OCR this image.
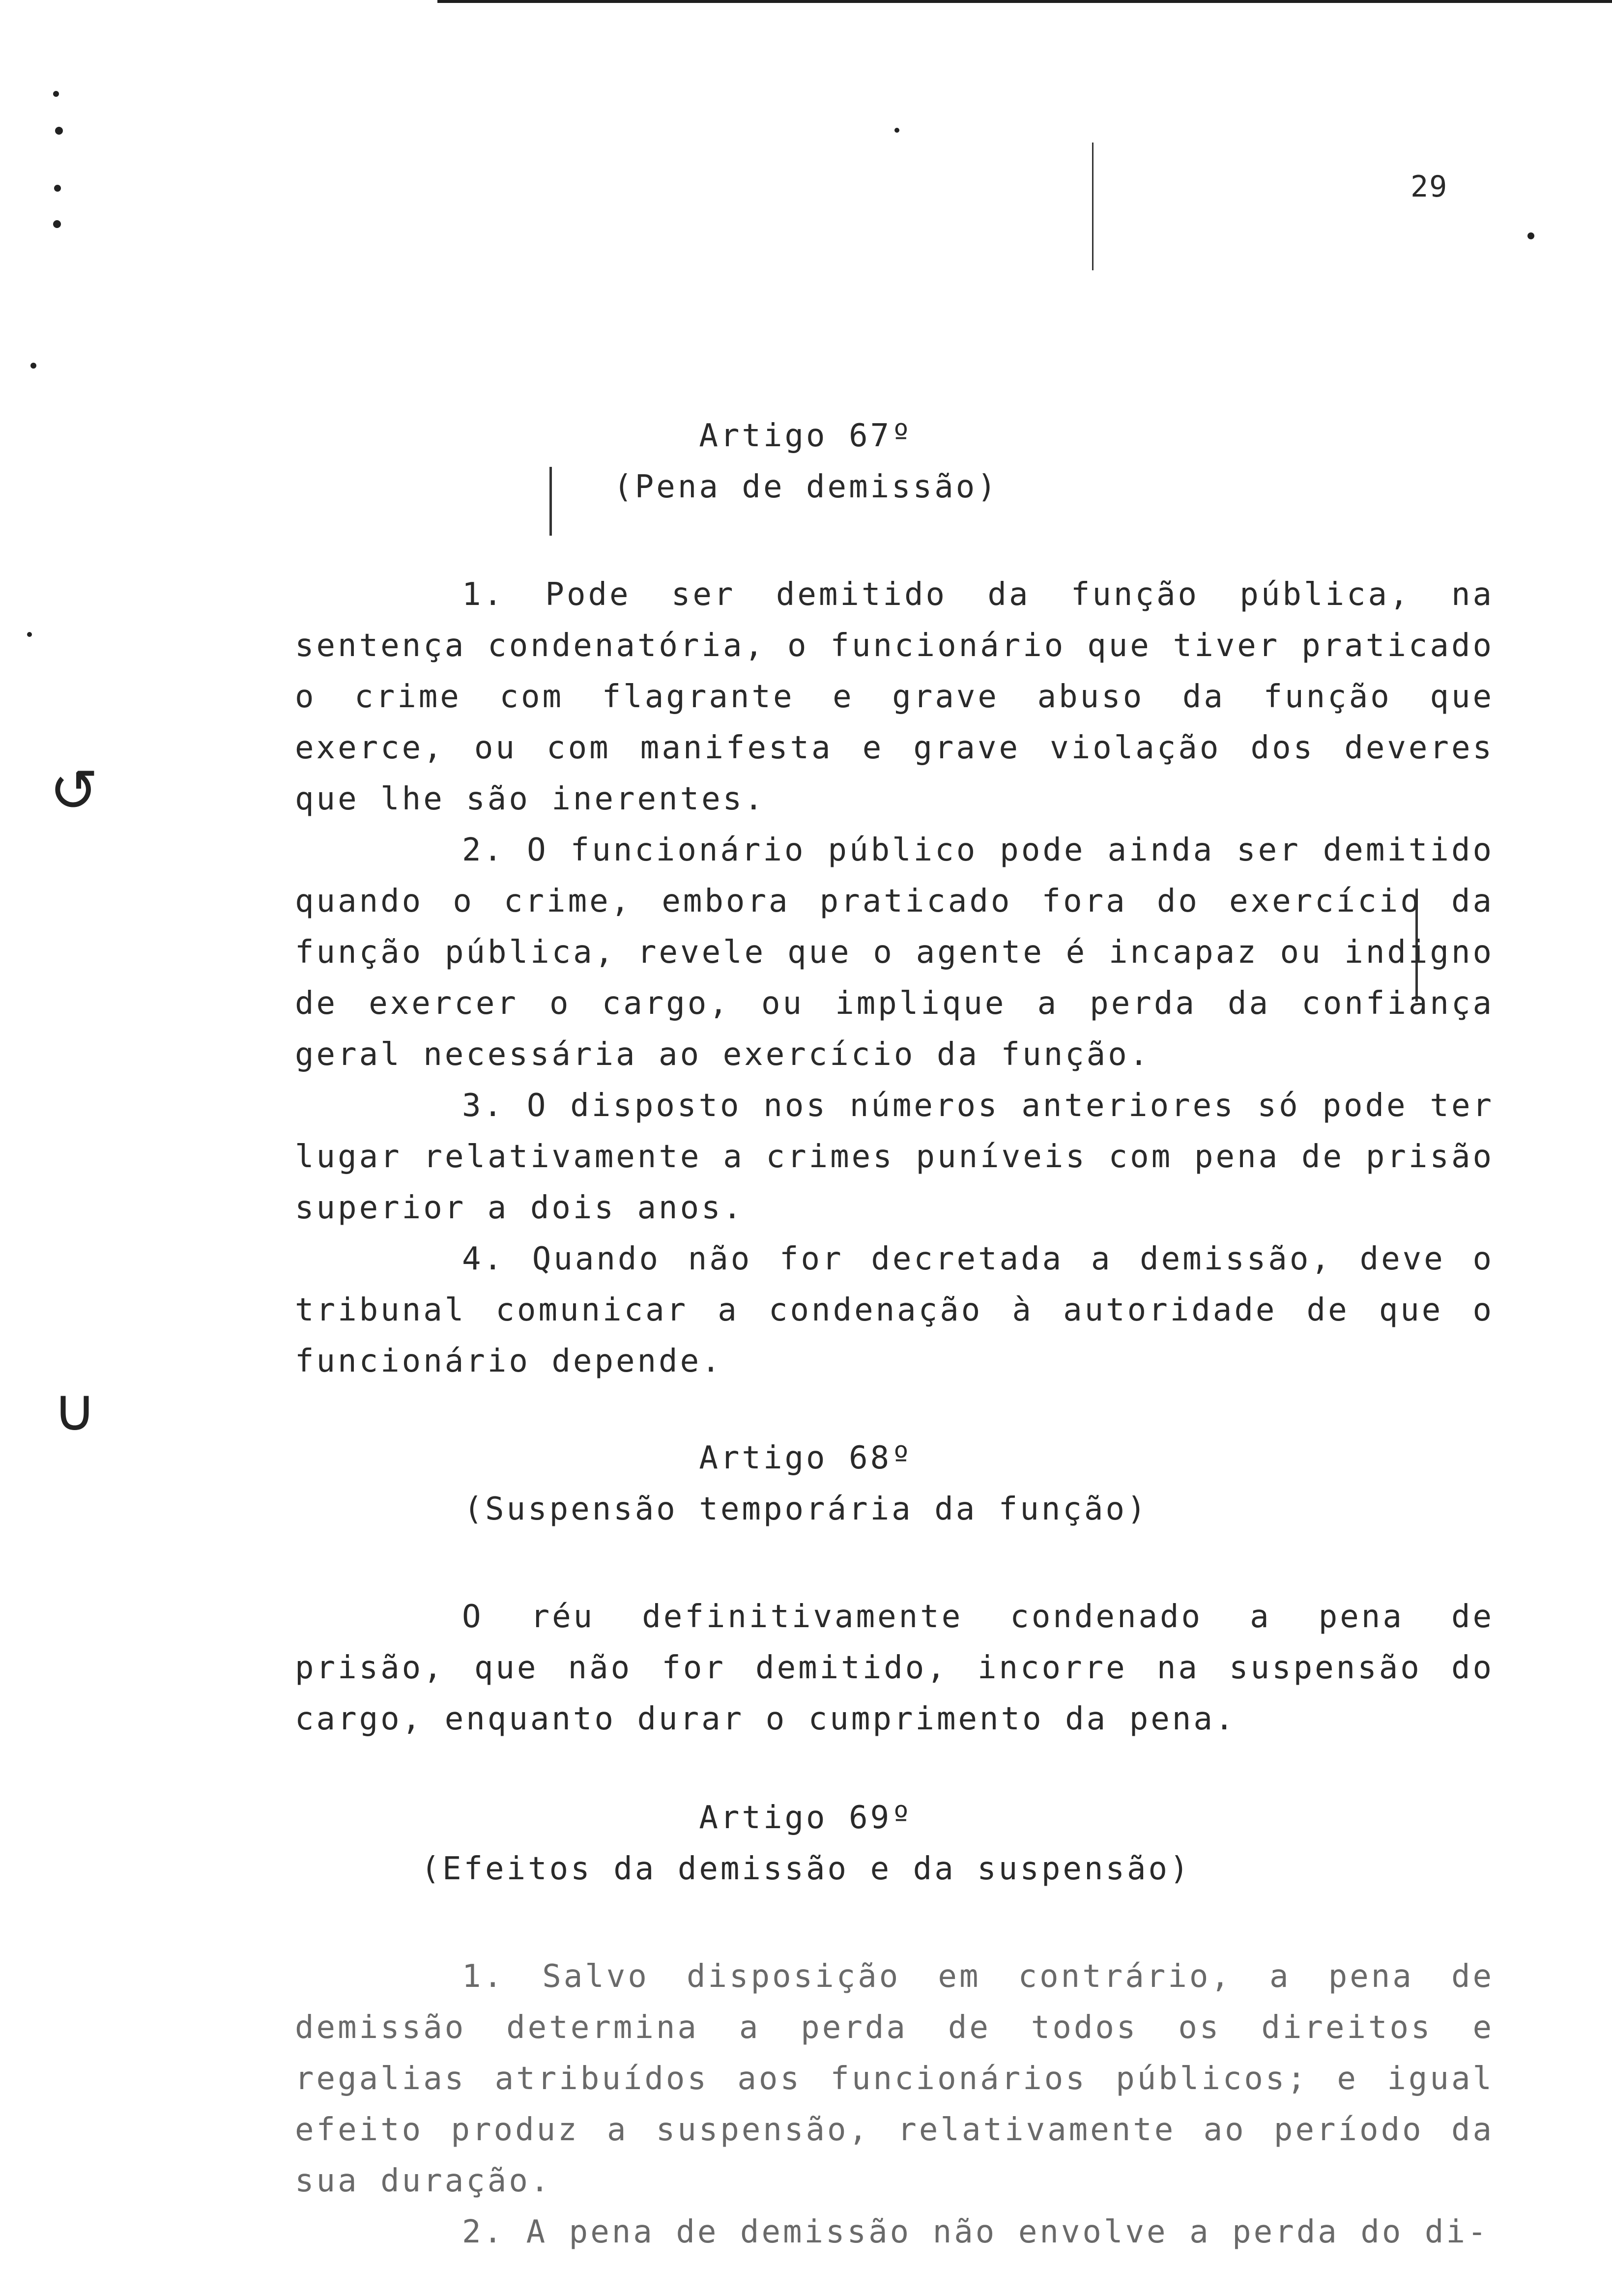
29
↺
∪
Artigo 67º
(Pena de demissão)

1. Pode ser demitido da função pública, na sentença condenatória, o funcionário que tiver praticado o crime com flagrante e grave abuso da função que exerce, ou com manifesta e grave violação dos deveres que lhe são inerentes.

2. O funcionário público pode ainda ser demitido quando o crime, embora praticado fora do exercício da função pública, revele que o agente é incapaz ou indigno de exercer o cargo, ou implique a perda da confiança geral necessária ao exercício da função.

3. O disposto nos números anteriores só pode ter lugar relativamente a crimes puníveis com pena de prisão superior a dois anos.

4. Quando não for decretada a demissão, deve o tribunal comunicar a condenação à autoridade de que o funcionário depende.

Artigo 68º
(Suspensão temporária da função)

O réu definitivamente condenado a pena de prisão, que não for demitido, incorre na suspensão do cargo, enquanto durar o cumprimento da pena.

Artigo 69º
(Efeitos da demissão e da suspensão)

1. Salvo disposição em contrário, a pena de demissão determina a perda de todos os direitos e regalias atribuídos aos funcionários públicos; e igual efeito produz a suspensão, relativamente ao período da sua duração.

2. A pena de demissão não envolve a perda do di-
